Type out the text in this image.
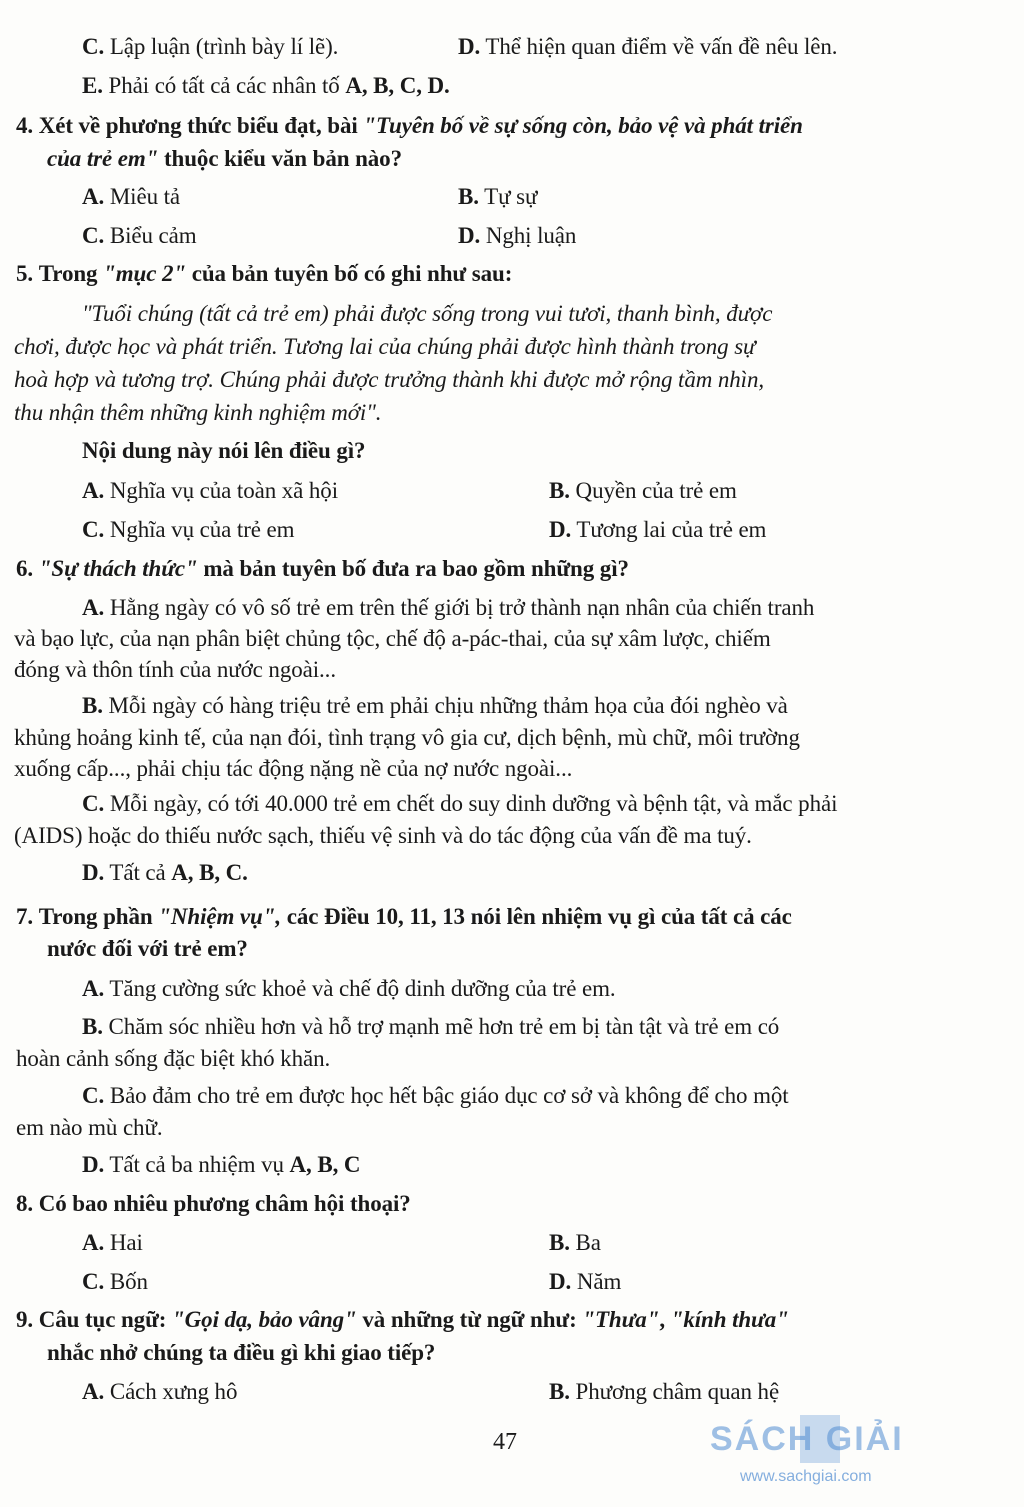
C. Lập luận (trình bày lí lẽ).	D. Thể hiện quan điểm về vấn đề nêu lên.
E. Phải có tất cả các nhân tố A, B, C, D.
4. Xét về phương thức biểu đạt, bài "Tuyên bố về sự sống còn, bảo vệ và phát triển
của trẻ em" thuộc kiểu văn bản nào?
A. Miêu tả	B. Tự sự
C. Biểu cảm	D. Nghị luận
5. Trong "mục 2" của bản tuyên bố có ghi như sau:
"Tuổi chúng (tất cả trẻ em) phải được sống trong vui tươi, thanh bình, được
chơi, được học và phát triển. Tương lai của chúng phải được hình thành trong sự
hoà hợp và tương trợ. Chúng phải được trưởng thành khi được mở rộng tầm nhìn,
thu nhận thêm những kinh nghiệm mới".
Nội dung này nói lên điều gì?
A. Nghĩa vụ của toàn xã hội	B. Quyền của trẻ em
C. Nghĩa vụ của trẻ em	D. Tương lai của trẻ em
6. "Sự thách thức" mà bản tuyên bố đưa ra bao gồm những gì?
A. Hằng ngày có vô số trẻ em trên thế giới bị trở thành nạn nhân của chiến tranh
và bạo lực, của nạn phân biệt chủng tộc, chế độ a-pác-thai, của sự xâm lược, chiếm
đóng và thôn tính của nước ngoài...
B. Mỗi ngày có hàng triệu trẻ em phải chịu những thảm họa của đói nghèo và
khủng hoảng kinh tế, của nạn đói, tình trạng vô gia cư, dịch bệnh, mù chữ, môi trường
xuống cấp..., phải chịu tác động nặng nề của nợ nước ngoài...
C. Mỗi ngày, có tới 40.000 trẻ em chết do suy dinh dưỡng và bệnh tật, và mắc phải
(AIDS) hoặc do thiếu nước sạch, thiếu vệ sinh và do tác động của vấn đề ma tuý.
D. Tất cả A, B, C.
7. Trong phần "Nhiệm vụ", các Điều 10, 11, 13 nói lên nhiệm vụ gì của tất cả các
nước đối với trẻ em?
A. Tăng cường sức khoẻ và chế độ dinh dưỡng của trẻ em.
B. Chăm sóc nhiều hơn và hỗ trợ mạnh mẽ hơn trẻ em bị tàn tật và trẻ em có
hoàn cảnh sống đặc biệt khó khăn.
C. Bảo đảm cho trẻ em được học hết bậc giáo dục cơ sở và không để cho một
em nào mù chữ.
D. Tất cả ba nhiệm vụ A, B, C
8. Có bao nhiêu phương châm hội thoại?
A. Hai	B. Ba
C. Bốn	D. Năm
9. Câu tục ngữ: "Gọi dạ, bảo vâng" và những từ ngữ như: "Thưa", "kính thưa"
nhắc nhở chúng ta điều gì khi giao tiếp?
A. Cách xưng hô	B. Phương châm quan hệ
47	SÁCH GIẢI
www.sachgiai.com
